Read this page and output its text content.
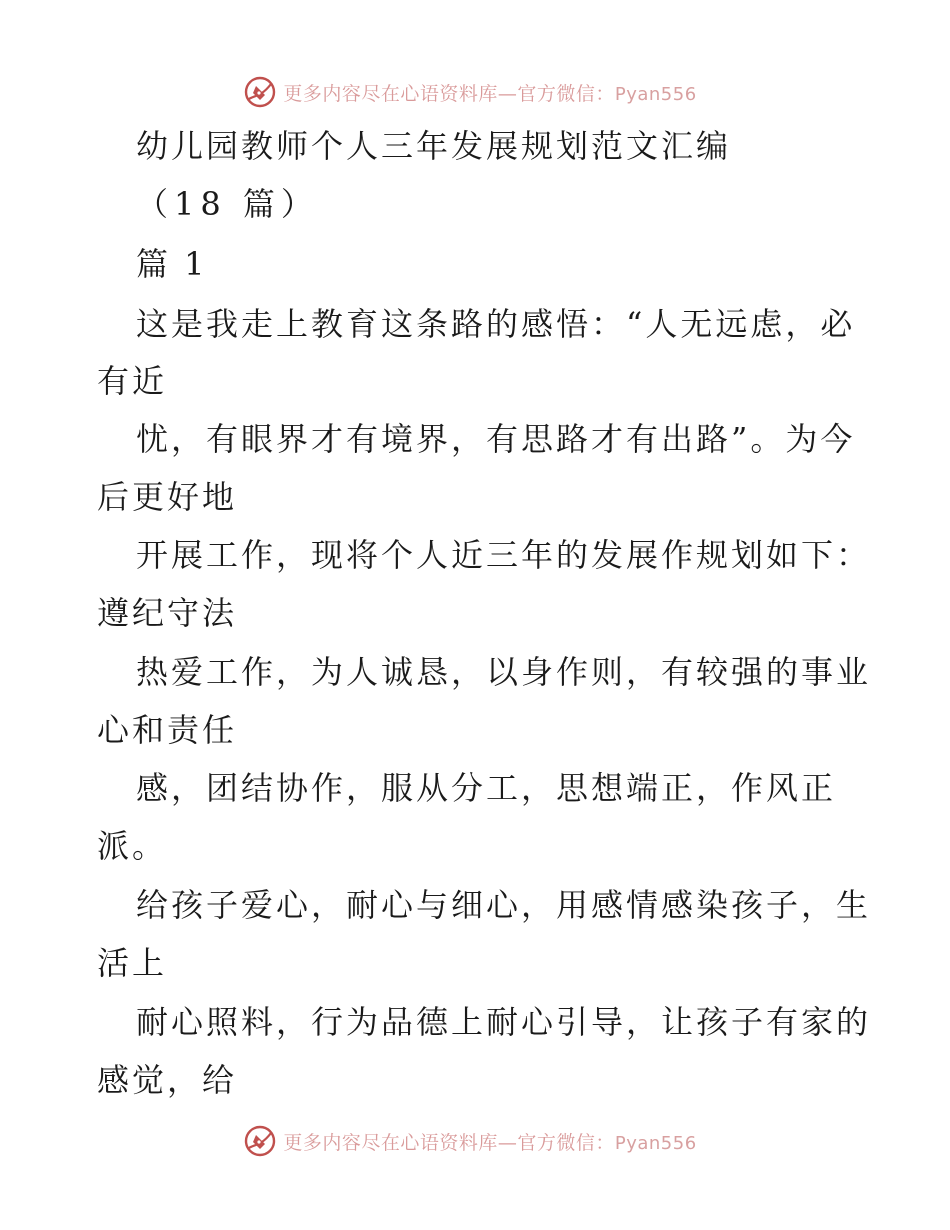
更多内容尽在心语资料库—官方微信：Pyan556
幼儿园教师个人三年发展规划范文汇编
（18 篇）
篇 1
这是我走上教育这条路的感悟：“人无远虑，必
有近
忧，有眼界才有境界，有思路才有出路”。为今
后更好地
开展工作，现将个人近三年的发展作规划如下：
遵纪守法
热爱工作，为人诚恳，以身作则，有较强的事业
心和责任
感，团结协作，服从分工，思想端正，作风正
派。
给孩子爱心，耐心与细心，用感情感染孩子，生
活上
耐心照料，行为品德上耐心引导，让孩子有家的
感觉，给
更多内容尽在心语资料库—官方微信：Pyan556
